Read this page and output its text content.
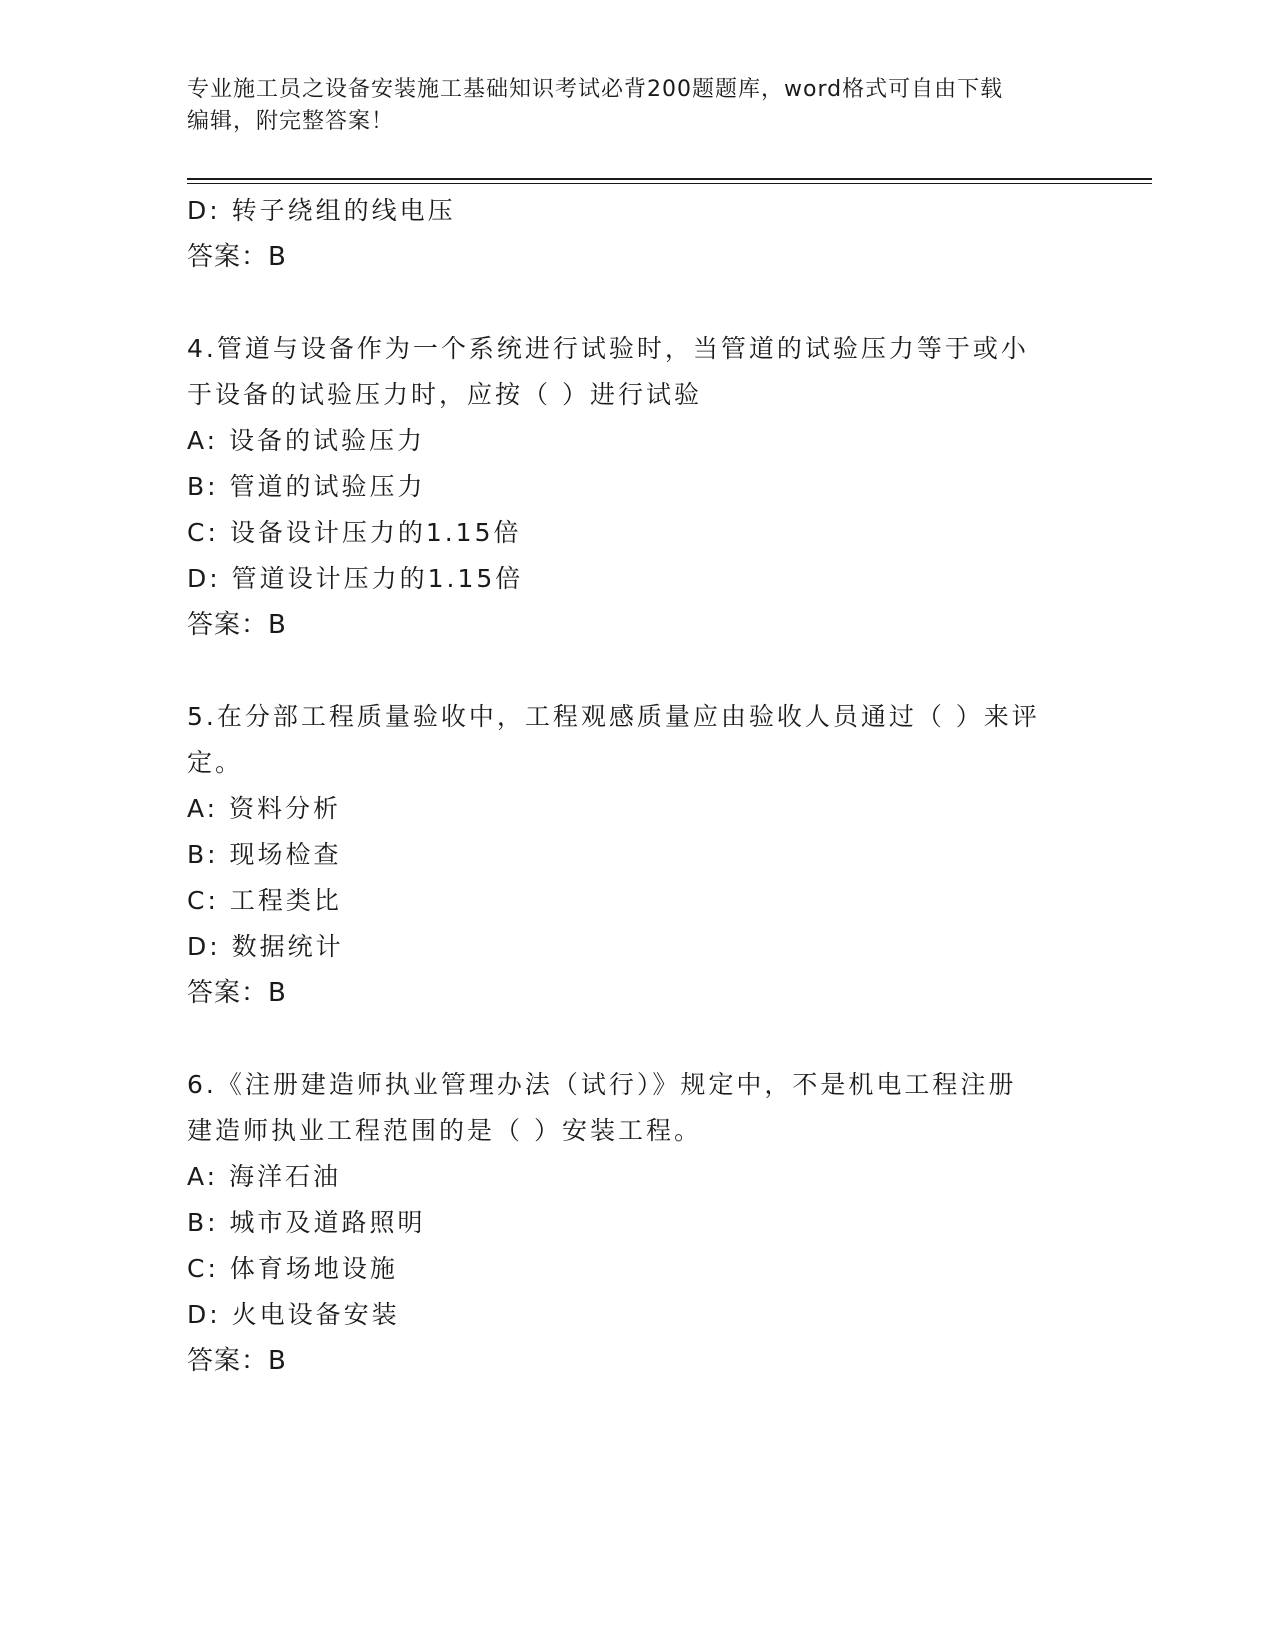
专业施工员之设备安装施工基础知识考试必背200题题库，word格式可自由下载
编辑，附完整答案！
D: 转子绕组的线电压
答案：B
4.管道与设备作为一个系统进行试验时，当管道的试验压力等于或小
于设备的试验压力时，应按（ ）进行试验
A: 设备的试验压力
B: 管道的试验压力
C: 设备设计压力的1.15倍
D: 管道设计压力的1.15倍
答案：B
5.在分部工程质量验收中，工程观感质量应由验收人员通过（ ）来评
定。
A: 资料分析
B: 现场检查
C: 工程类比
D: 数据统计
答案：B
6.《注册建造师执业管理办法（试行）》规定中，不是机电工程注册
建造师执业工程范围的是（ ）安装工程。
A: 海洋石油
B: 城市及道路照明
C: 体育场地设施
D: 火电设备安装
答案：B
